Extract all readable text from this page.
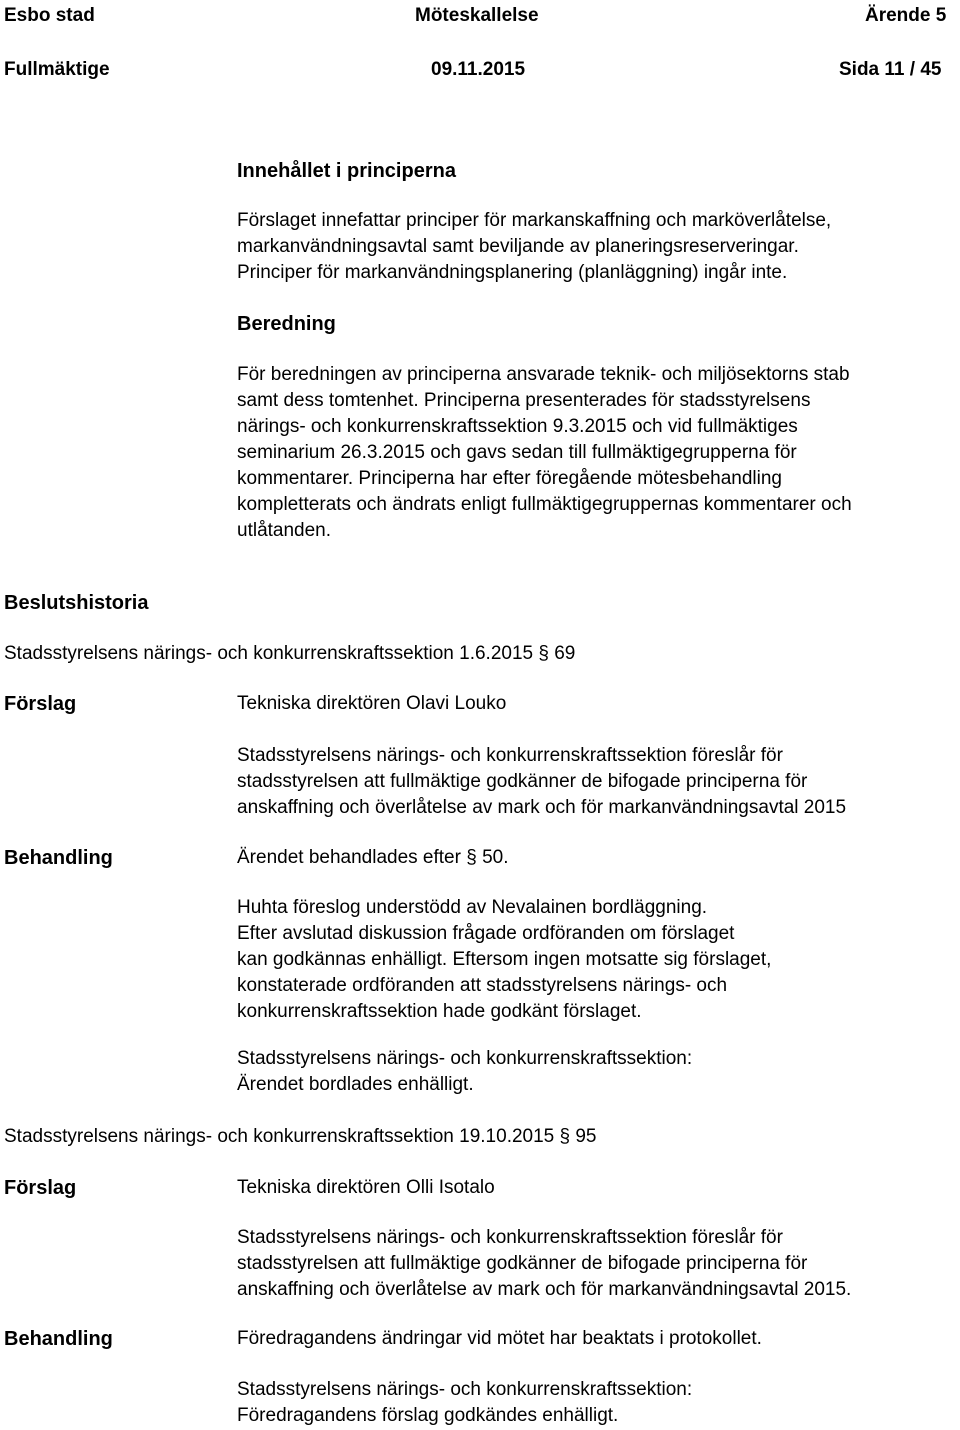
Esbo stad	Möteskallelse	Ärende 5
Fullmäktige	09.11.2015	Sida 11 / 45
Innehållet i principerna
Förslaget innefattar principer för markanskaffning och marköverlåtelse,
markanvändningsavtal samt beviljande av planeringsreserveringar.
Principer för markanvändningsplanering (planläggning) ingår inte.
Beredning
För beredningen av principerna ansvarade teknik- och miljösektorns stab
samt dess tomtenhet. Principerna presenterades för stadsstyrelsens
närings- och konkurrenskraftssektion 9.3.2015 och vid fullmäktiges
seminarium 26.3.2015 och gavs sedan till fullmäktigegrupperna för
kommentarer. Principerna har efter föregående mötesbehandling
kompletterats och ändrats enligt fullmäktigegruppernas kommentarer och
utlåtanden.
Beslutshistoria
Stadsstyrelsens närings- och konkurrenskraftssektion 1.6.2015 § 69
Förslag	Tekniska direktören Olavi Louko
Stadsstyrelsens närings- och konkurrenskraftssektion föreslår för
stadsstyrelsen att fullmäktige godkänner de bifogade principerna för
anskaffning och överlåtelse av mark och för markanvändningsavtal 2015
Behandling	Ärendet behandlades efter § 50.
Huhta föreslog understödd av Nevalainen bordläggning.
Efter avslutad diskussion frågade ordföranden om förslaget
kan godkännas enhälligt. Eftersom ingen motsatte sig förslaget,
konstaterade ordföranden att stadsstyrelsens närings- och
konkurrenskraftssektion hade godkänt förslaget.
Stadsstyrelsens närings- och konkurrenskraftssektion:
Ärendet bordlades enhälligt.
Stadsstyrelsens närings- och konkurrenskraftssektion 19.10.2015 § 95
Förslag	Tekniska direktören Olli Isotalo
Stadsstyrelsens närings- och konkurrenskraftssektion föreslår för
stadsstyrelsen att fullmäktige godkänner de bifogade principerna för
anskaffning och överlåtelse av mark och för markanvändningsavtal 2015.
Behandling	Föredragandens ändringar vid mötet har beaktats i protokollet.
Stadsstyrelsens närings- och konkurrenskraftssektion:
Föredragandens förslag godkändes enhälligt.
